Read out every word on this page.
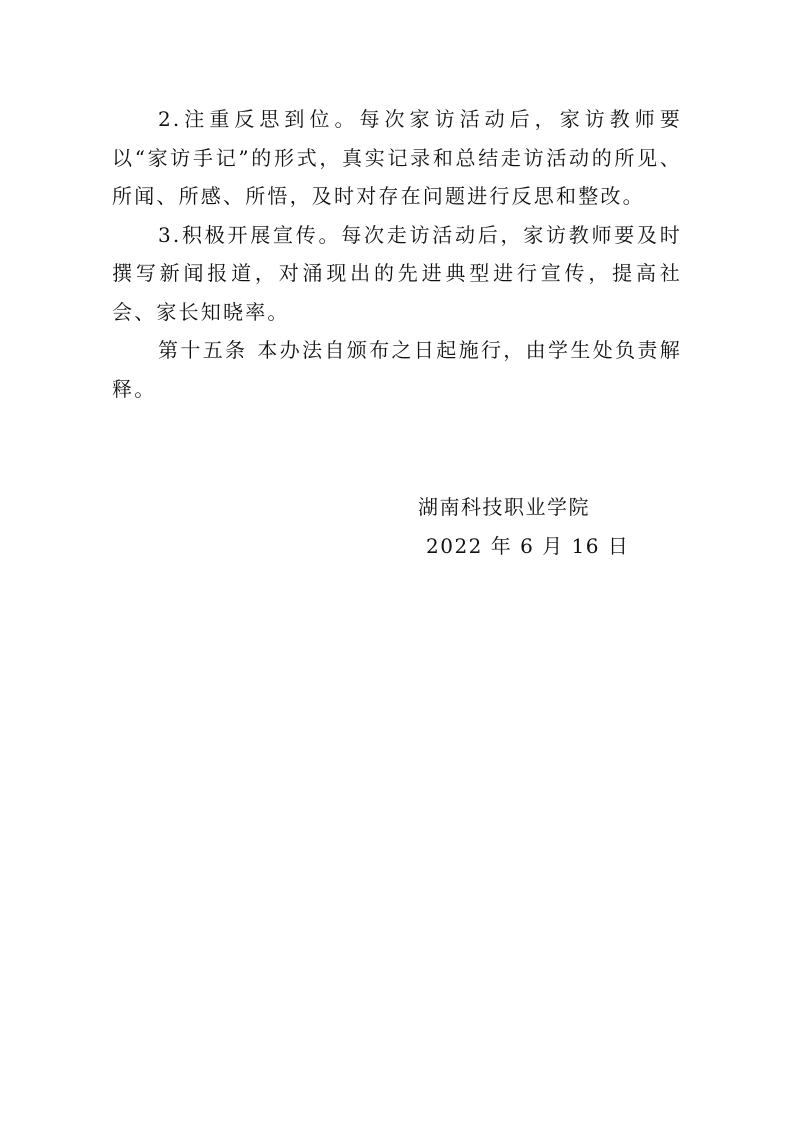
2.注重反思到位。每次家访活动后，家访教师要以“家访手记”的形式，真实记录和总结走访活动的所见、所闻、所感、所悟，及时对存在问题进行反思和整改。

3.积极开展宣传。每次走访活动后，家访教师要及时撰写新闻报道，对涌现出的先进典型进行宣传，提高社会、家长知晓率。

第十五条 本办法自颁布之日起施行，由学生处负责解释。

湖南科技职业学院
2022 年 6 月 16 日
